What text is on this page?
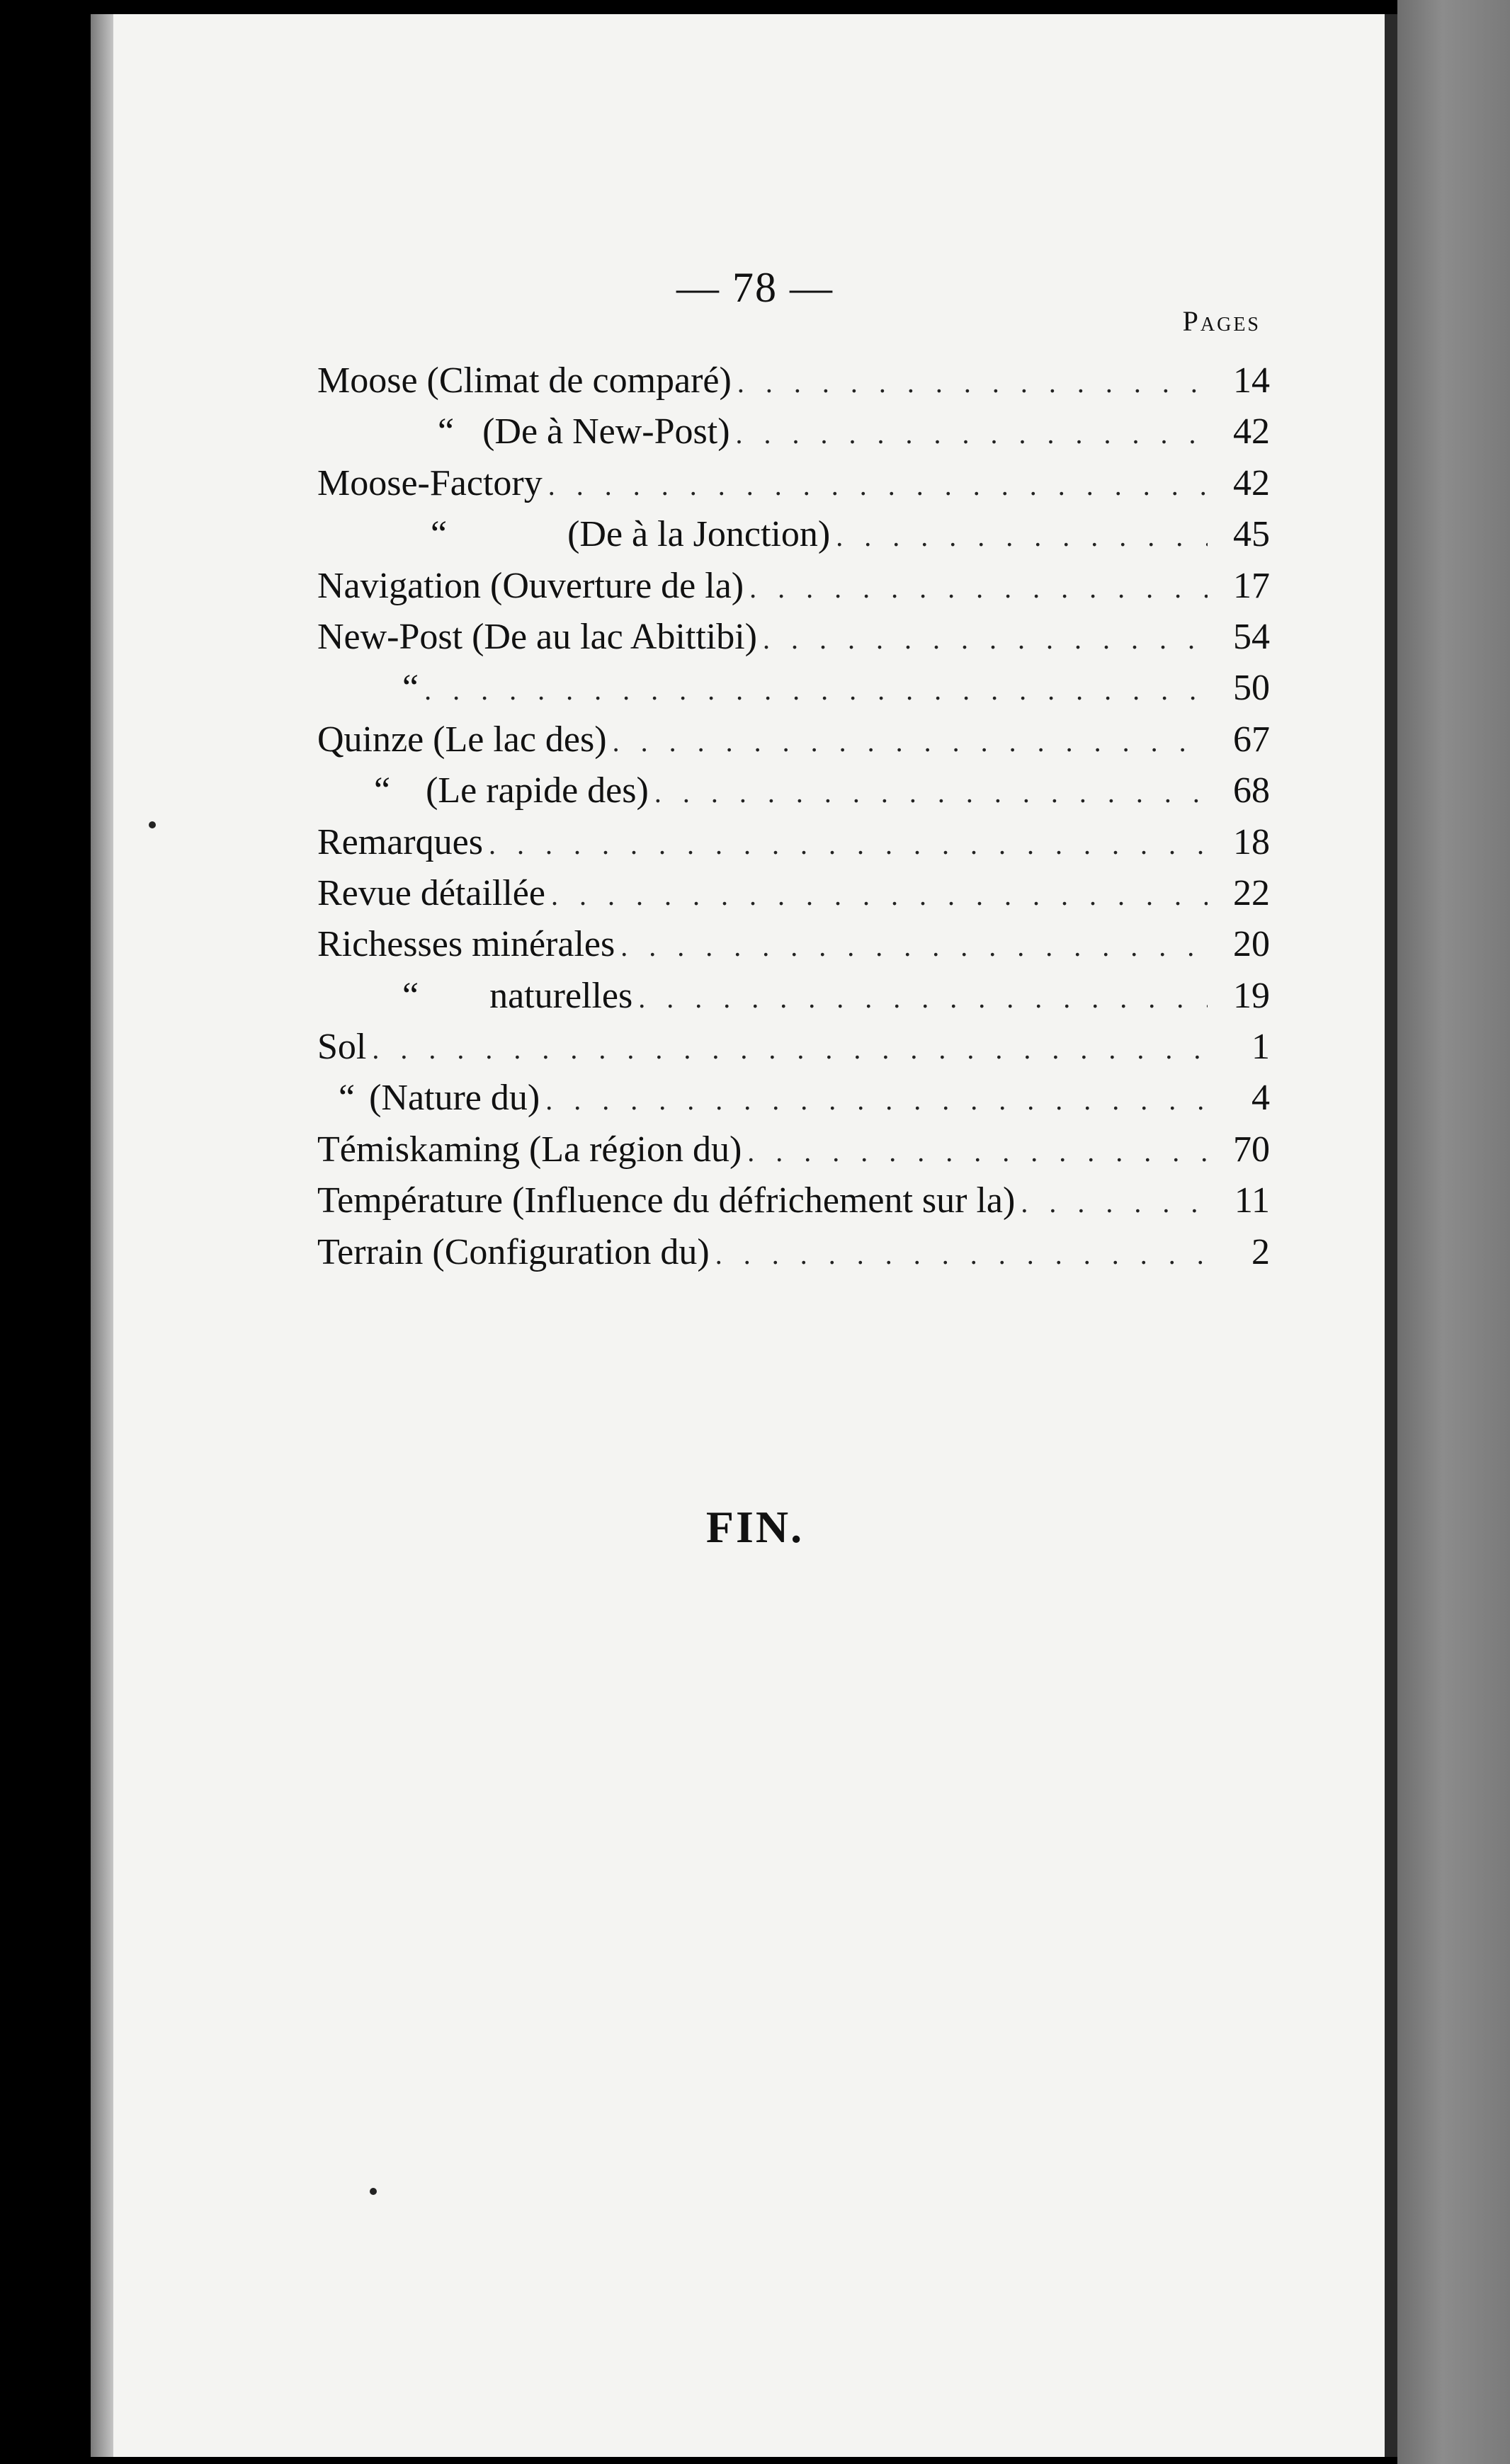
— 78 —
Pages
Moose (Climat de comparé) . . .	14
“ (De à New-Post) . . .	42
Moose-Factory . . .	42
“	(De à la Jonction) . . .	45
Navigation (Ouverture de la) . . .	17
New-Post (De au lac Abittibi) . . .	54
“ . . .	50
Quinze (Le lac des) . . .	67
“ (Le rapide des) . . .	68
Remarques . . .	18
Revue détaillée . . .	22
Richesses minérales . . .	20
“ naturelles . . .	19
Sol . . .	1
“ (Nature du) . . .	4
Témiskaming (La région du) . . .	70
Température (Influence du défrichement sur la) . . .	11
Terrain (Configuration du) . . .	2
FIN.
